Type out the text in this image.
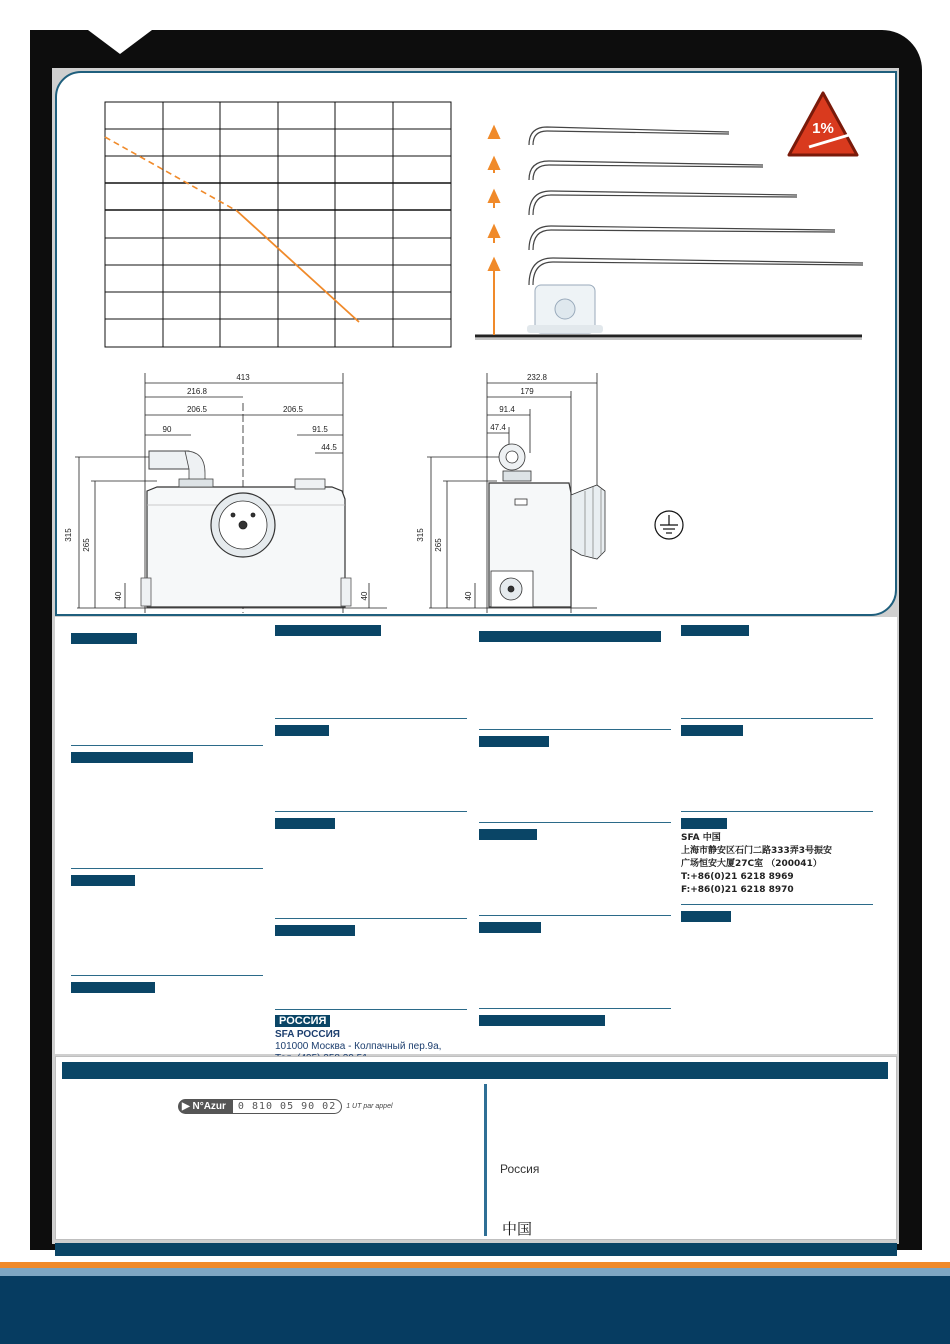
1%
413
216.8
206.5	206.5
90	91.5
44.5
315
265
40	40
232.8
179
91.4
47.4
315
265
40
РОССИЯ
SFA РОССИЯ
101000 Москва - Колпачный пер.9а,
SFA 中国
上海市静安区石门二路333弄3号振安
广场恒安大厦27C室 （200041）
T:+86(0)21 6218 8969
F:+86(0)21 6218 8970
▶ N°Azur	0 810 05 90 02	1 UT par appel
Россия
中国
